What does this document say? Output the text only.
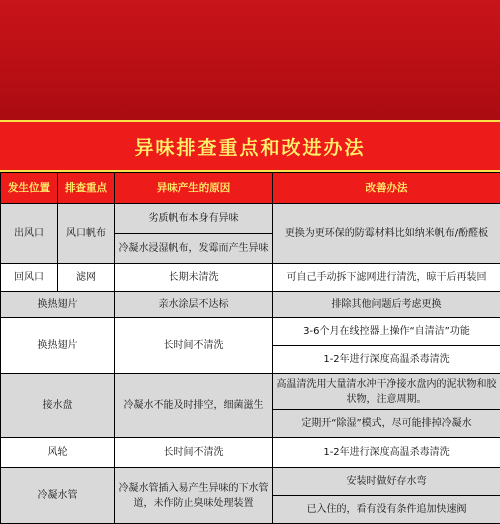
异味排查重点和改进办法
发生位置	排查重点	异味产生的原因	改善办法
出风口	风口帆布	劣质帆布本身有异味	更换为更环保的防霉材料比如纳米帆布/酚醛板
		冷凝水浸湿帆布，发霉而产生异味	
回风口	滤网	长期未清洗	可自己手动拆下滤网进行清洗，晾干后再装回
换热翅片		亲水涂层不达标	排除其他问题后考虑更换
换热翅片		长时间不清洗	3-6个月在线控器上操作“自清洁”功能
			1-2年进行深度高温杀毒清洗
接水盘		冷凝水不能及时排空，细菌滋生	高温清洗用大量清水冲干净接水盘内的泥状物和胶状物，注意周期。
			定期开“除湿”模式，尽可能排掉冷凝水
风轮		长时间不清洗	1-2年进行深度高温杀毒清洗
冷凝水管		冷凝水管插入易产生异味的下水管道，未作防止臭味处理装置	安装时做好存水弯
			已入住的，看有没有条件追加快速阀
